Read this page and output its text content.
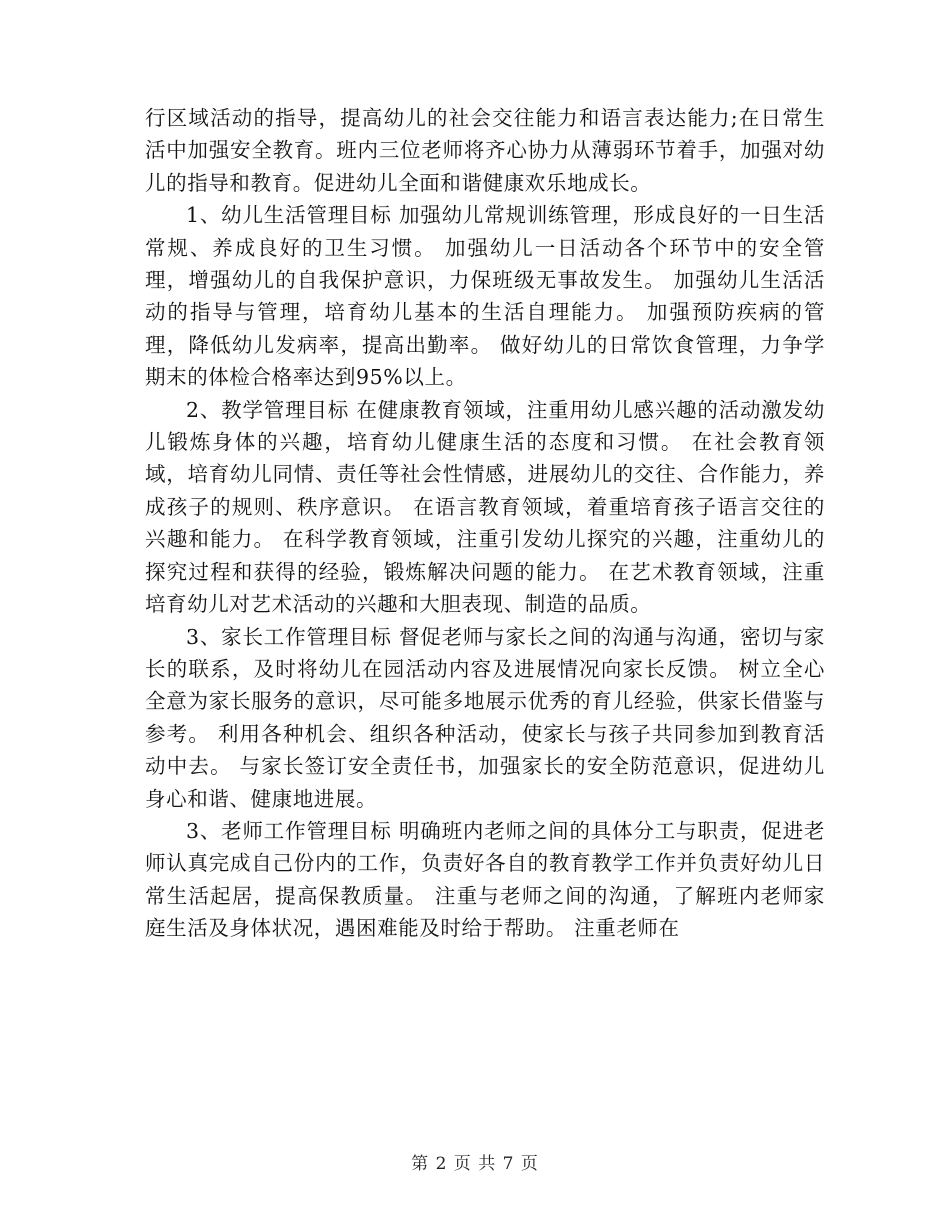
行区域活动的指导，提高幼儿的社会交往能力和语言表达能力;在日常生活中加强安全教育。班内三位老师将齐心协力从薄弱环节着手，加强对幼儿的指导和教育。促进幼儿全面和谐健康欢乐地成长。

1、幼儿生活管理目标 加强幼儿常规训练管理，形成良好的一日生活常规、养成良好的卫生习惯。 加强幼儿一日活动各个环节中的安全管理，增强幼儿的自我保护意识，力保班级无事故发生。 加强幼儿生活活动的指导与管理，培育幼儿基本的生活自理能力。 加强预防疾病的管理，降低幼儿发病率，提高出勤率。 做好幼儿的日常饮食管理，力争学期末的体检合格率达到95%以上。

2、教学管理目标 在健康教育领域，注重用幼儿感兴趣的活动激发幼儿锻炼身体的兴趣，培育幼儿健康生活的态度和习惯。 在社会教育领域，培育幼儿同情、责任等社会性情感，进展幼儿的交往、合作能力，养成孩子的规则、秩序意识。 在语言教育领域，着重培育孩子语言交往的兴趣和能力。 在科学教育领域，注重引发幼儿探究的兴趣，注重幼儿的探究过程和获得的经验，锻炼解决问题的能力。 在艺术教育领域，注重培育幼儿对艺术活动的兴趣和大胆表现、制造的品质。

3、家长工作管理目标 督促老师与家长之间的沟通与沟通，密切与家长的联系，及时将幼儿在园活动内容及进展情况向家长反馈。 树立全心全意为家长服务的意识，尽可能多地展示优秀的育儿经验，供家长借鉴与参考。 利用各种机会、组织各种活动，使家长与孩子共同参加到教育活动中去。 与家长签订安全责任书，加强家长的安全防范意识，促进幼儿身心和谐、健康地进展。

3、老师工作管理目标 明确班内老师之间的具体分工与职责，促进老师认真完成自己份内的工作，负责好各自的教育教学工作并负责好幼儿日常生活起居，提高保教质量。 注重与老师之间的沟通，了解班内老师家庭生活及身体状况，遇困难能及时给于帮助。 注重老师在

第 2 页 共 7 页
